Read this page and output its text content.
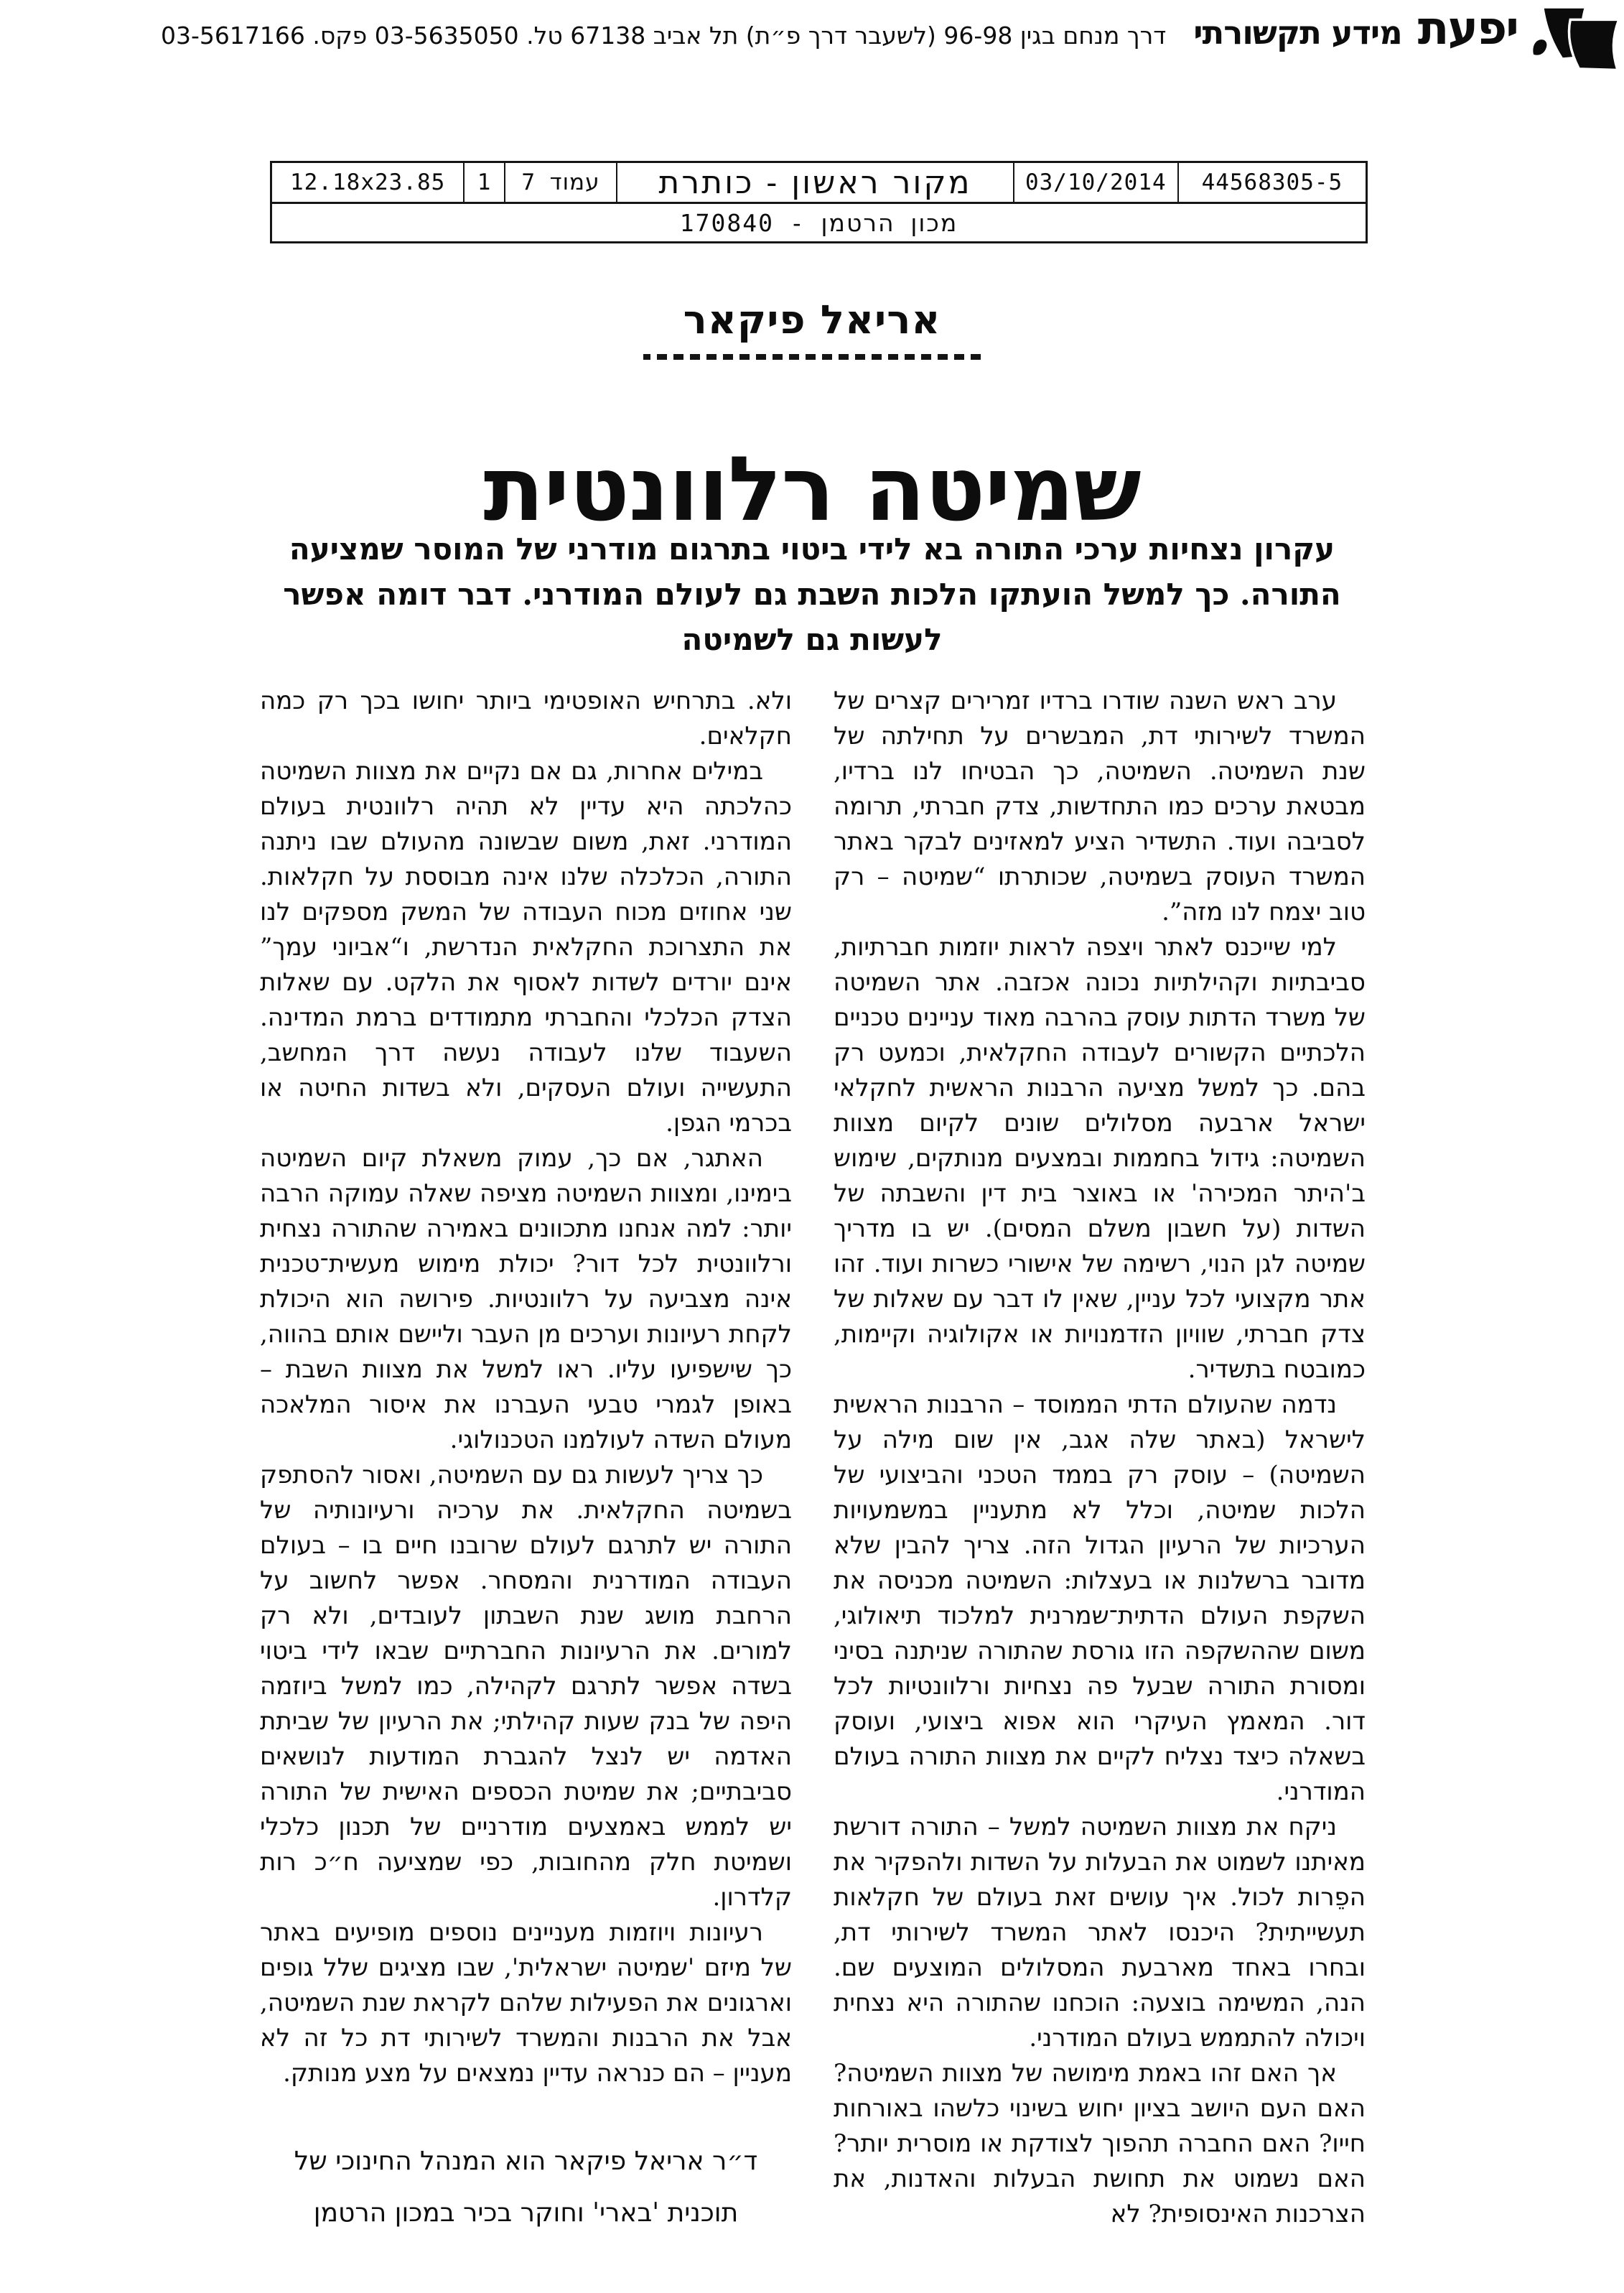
יפעת
מידע תקשורתי
דרך מנחם בגין 96-98 (לשעבר דרך פ״ת) תל אביב 67138 טל. 03-5635050 פקס. 03-5617166
44568305-5
03/10/2014
מקור ראשון - כותרת
עמוד 7
1
12.18x23.85
מכון הרטמן - 170840
אריאל פיקאר
שמיטה רלוונטית
עקרון נצחיות ערכי התורה בא לידי ביטוי בתרגום מודרני של המוסר שמציעה התורה. כך למשל הועתקו הלכות השבת גם לעולם המודרני. דבר דומה אפשר לעשות גם לשמיטה

ערב ראש השנה שודרו ברדיו זמרירים קצרים של המשרד לשירותי דת, המבשרים על תחילתה של שנת השמיטה. השמיטה, כך הבטיחו לנו ברדיו, מבטאת ערכים כמו התחדשות, צדק חברתי, תרומה לסביבה ועוד. התשדיר הציע למאזינים לבקר באתר המשרד העוסק בשמיטה, שכותרתו “שמיטה – רק טוב יצמח לנו מזה”.

למי שייכנס לאתר ויצפה לראות יוזמות חברתיות, סביבתיות וקהילתיות נכונה אכזבה. אתר השמיטה של משרד הדתות עוסק בהרבה מאוד עניינים טכניים הלכתיים הקשורים לעבודה החקלאית, וכמעט רק בהם. כך למשל מציעה הרבנות הראשית לחקלאי ישראל ארבעה מסלולים שונים לקיום מצוות השמיטה: גידול בחממות ובמצעים מנותקים, שימוש ב'היתר המכירה' או באוצר בית דין והשבתה של השדות (על חשבון משלם המסים). יש בו מדריך שמיטה לגן הנוי, רשימה של אישורי כשרות ועוד. זהו אתר מקצועי לכל עניין, שאין לו דבר עם שאלות של צדק חברתי, שוויון הזדמנויות או אקולוגיה וקיימות, כמובטח בתשדיר.

נדמה שהעולם הדתי הממוסד – הרבנות הראשית לישראל (באתר שלה אגב, אין שום מילה על השמיטה) – עוסק רק בממד הטכני והביצועי של הלכות שמיטה, וכלל לא מתעניין במשמעויות הערכיות של הרעיון הגדול הזה. צריך להבין שלא מדובר ברשלנות או בעצלות: השמיטה מכניסה את השקפת העולם הדתית־שמרנית למלכוד תיאולוגי, משום שההשקפה הזו גורסת שהתורה שניתנה בסיני ומסורת התורה שבעל פה נצחיות ורלוונטיות לכל דור. המאמץ העיקרי הוא אפוא ביצועי, ועוסק בשאלה כיצד נצליח לקיים את מצוות התורה בעולם המודרני.

ניקח את מצוות השמיטה למשל – התורה דורשת מאיתנו לשמוט את הבעלות על השדות ולהפקיר את הפֵרות לכול. איך עושים זאת בעולם של חקלאות תעשייתית? היכנסו לאתר המשרד לשירותי דת, ובחרו באחד מארבעת המסלולים המוצעים שם. הנה, המשימה בוצעה: הוכחנו שהתורה היא נצחית ויכולה להתממש בעולם המודרני.

אך האם זהו באמת מימושה של מצוות השמיטה? האם העם היושב בציון יחוש בשינוי כלשהו באורחות חייו? האם החברה תהפוך לצודקת או מוסרית יותר? האם נשמוט את תחושת הבעלות והאדנות, את הצרכנות האינסופית? לא

ולא. בתרחיש האופטימי ביותר יחושו בכך רק כמה חקלאים.

במילים אחרות, גם אם נקיים את מצוות השמיטה כהלכתה היא עדיין לא תהיה רלוונטית בעולם המודרני. זאת, משום שבשונה מהעולם שבו ניתנה התורה, הכלכלה שלנו אינה מבוססת על חקלאות. שני אחוזים מכוח העבודה של המשק מספקים לנו את התצרוכת החקלאית הנדרשת, ו“אביוני עמך” אינם יורדים לשדות לאסוף את הלקט. עם שאלות הצדק הכלכלי והחברתי מתמודדים ברמת המדינה. השעבוד שלנו לעבודה נעשה דרך המחשב, התעשייה ועולם העסקים, ולא בשדות החיטה או בכרמי הגפן.

האתגר, אם כך, עמוק משאלת קיום השמיטה בימינו, ומצוות השמיטה מציפה שאלה עמוקה הרבה יותר: למה אנחנו מתכוונים באמירה שהתורה נצחית ורלוונטית לכל דור? יכולת מימוש מעשית־טכנית אינה מצביעה על רלוונטיות. פירושה הוא היכולת לקחת רעיונות וערכים מן העבר וליישם אותם בהווה, כך שישפיעו עליו. ראו למשל את מצוות השבת – באופן לגמרי טבעי העברנו את איסור המלאכה מעולם השדה לעולמנו הטכנולוגי.

כך צריך לעשות גם עם השמיטה, ואסור להסתפק בשמיטה החקלאית. את ערכיה ורעיונותיה של התורה יש לתרגם לעולם שרובנו חיים בו – בעולם העבודה המודרנית והמסחר. אפשר לחשוב על הרחבת מושג שנת השבתון לעובדים, ולא רק למורים. את הרעיונות החברתיים שבאו לידי ביטוי בשדה אפשר לתרגם לקהילה, כמו למשל ביוזמה היפה של בנק שעות קהילתי; את הרעיון של שביתת האדמה יש לנצל להגברת המודעות לנושאים סביבתיים; את שמיטת הכספים האישית של התורה יש לממש באמצעים מודרניים של תכנון כלכלי ושמיטת חלק מהחובות, כפי שמציעה ח״כ רות קלדרון.

רעיונות ויוזמות מעניינים נוספים מופיעים באתר של מיזם 'שמיטה ישראלית', שבו מציגים שלל גופים וארגונים את הפעילות שלהם לקראת שנת השמיטה, אבל את הרבנות והמשרד לשירותי דת כל זה לא מעניין – הם כנראה עדיין נמצאים על מצע מנותק.

ד״ר אריאל פיקאר הוא המנהל החינוכי של תוכנית 'בארי' וחוקר בכיר במכון הרטמן
